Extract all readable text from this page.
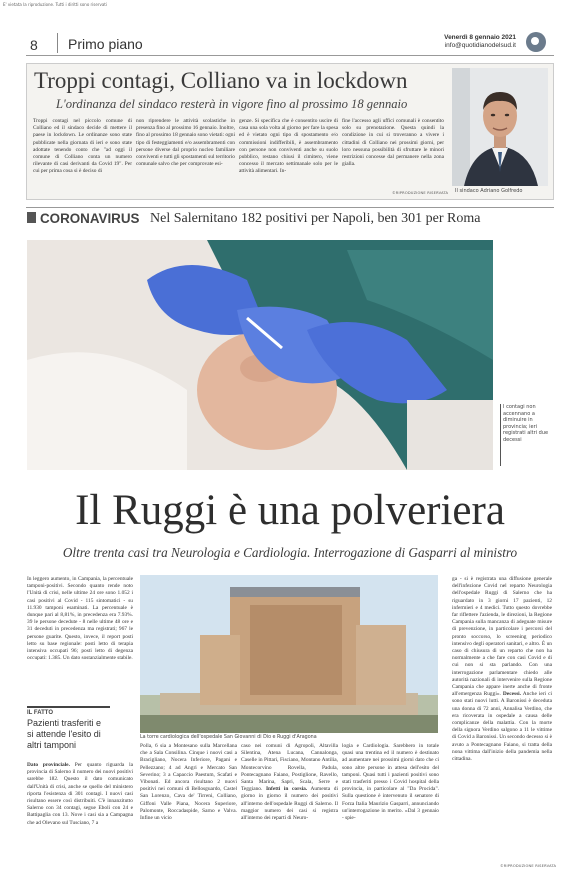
E' vietata la riproduzione. Tutti i diritti sono riservati
8 Primo piano	Venerdì 8 gennaio 2021
info@quotidianodelsud.it
Troppi contagi, Colliano va in lockdown
L'ordinanza del sindaco resterà in vigore fino al prossimo 18 gennaio
Troppi contagi nel piccolo comune di Colliano ed il sindaco decide di mettere il paese in lockdown. Le ordinanze sono state pubblicate nella giornata di ieri e sono state adottate tenendo conto che "ad oggi il comune di Colliano conta un numero rilevante di casi derivanti da Covid 19". Per cui per prima cosa si è deciso di
non riprendere le attività scolastiche in presenza fino al prossimo 16 gennaio. Inoltre, fino al prossimo 18 gennaio sono vietati: ogni tipo di festeggiamenti e/o assembramenti con persone diverse dal proprio nucleo familiare conviventi e tutti gli spostamenti sul territorio comunale salvo che per comprovate esi-
genze. Si specifica che è consentito uscire di casa una sola volta al giorno per fare la spesa ed è vietato ogni tipo di spostamento e/o commissioni indifferibili, è assembramento con persone non conviventi anche su suolo pubblico, restano chiusi il cimitero, viene concesso il mercato settimanale solo per le attività alimentari. In-
fine l'accesso agli uffici comunali è consentito solo su prenotazione. Questa quindi la condizione in cui si troveranno a vivere i cittadini di Colliano nei prossimi giorni, per loro nessuna possibilità di sfruttare le minori restrizioni concesse dal permanere nella zona gialla.
©RIPRODUZIONE RISERVATA Il sindaco Adriano Golfredo
CORONAVIRUS Nel Salernitano 182 positivi per Napoli, ben 301 per Roma
I contagi non accennano a diminuire in provincia; ieri registrati altri due decessi
Il Ruggi è una polveriera
Oltre trenta casi tra Neurologia e Cardiologia. Interrogazione di Gasparri al ministro
In leggero aumento, in Campania, la percentuale tamponi-positivi. Secondo quanto rende noto l'Unità di crisi, nelle ultime 24 ore sono 1.052 i casi positivi al Covid - 115 sintomatici - su 11.930 tamponi esaminati. La percentuale è dunque pari al 8,81%, in precedenza era 7.93%. 39 le persone decedute - 8 nelle ultime 48 ore e 31 deceduti in precedenza ma registrati; 967 le persone guarite. Questo, invece, il report posti letto su base regionale: posti letto di terapia intensiva occupati 96; posti letto di degenza occupati: 1.385. Un dato sostanzialmente stabile.
Dato provinciale. Per quanto riguarda la provincia di Salerno il numero dei nuovi positivi sarebbe 182. Questo il dato comunicato dall'Unità di crisi, anche se quello del ministero riporta l'esistenza di 301 contagi. I nuovi casi risultano essere così distribuiti. C'è innanzitutto Salerno con 34 contagi, segue Eboli con 24 e Battipaglia con 13. Nove i casi sia a Campagna che ad Olevano sul Tusciano, 7 a
IL FATTO
Pazienti trasferiti e si attende l'esito di altri tamponi
La torre cardiologica dell'ospedale San Giovanni di Dio e Ruggi d'Aragona
Polla, 6 sia a Montesano sulla Marcellana che a Sala Consilina. Cinque i nuovi casi a Bracigliano, Nocera Inferiore, Pagani e Pellezzano; 4 ad Angri e Mercato San Severino; 3 a Capaccio Paestum, Scafati e Vibonati. Ed ancora risultano 2 nuovi positivi nei comuni di Bellosguardo, Castel San Lorenzo, Cava de' Tirreni, Colliano, Giffoni Valle Piana, Nocera Superiore, Palomonte, Roccadaspide, Sarno e Valva. Infine un vicio
caso nei comuni di Agropoli, Altavilla Silentina, Atena Lucana, Cannalonga, Caselle in Pittari, Fisciano, Montano Antilia, Montecorvino Rovella, Padula, Pontecagnano Faiano, Postiglione, Ravello, Santa Marina, Sapri, Scala, Serre e Teggiano. Infetti in corsia. Aumenta di giorno in giorno il numero dei positivi all'interno dell'ospedale Ruggi di Salerno. Il maggior numero dei casi si registra all'interno dei reparti di Neuro-
logia e Cardiologia. Sarebbero in totale quasi una trentina ed il numero è destinato ad aumentare nei prossimi giorni dato che ci sono altre persone in attesa dell'esito del tamponi. Quasi tutti i pazienti positivi sono stati trasferiti presso i Covid hospital della provincia, in particolare al "Da Procida". Sulla questione è intervenuto il senatore di Forza Italia Maurizio Gasparri, annunciando un'interrogazione in merito. «Dal 3 gennaio - spie-
ga - si è registrata una diffusione generale dell'infezione Covid nel reparto Neurologia dell'ospedale Ruggi di Salerno che ha riguardato in 3 giorni 17 pazienti, 12 infermieri e 4 medici. Tutto questo dovrebbe far riflettere l'azienda, le direzioni, la Regione Campania sulla mancanza di adeguate misure di prevenzione, in particolare i percorsi del pronto soccorso, lo screening periodico intensivo degli operatori sanitari, e altro. È un caso di chiusura di un reparto che non ha normalmente a che fare con casi Covid e di cui non si sta parlando. Con una interrogazione parlamentare chiedo alle autorità nazionali di intervenire sulla Regione Campania che appare inerte anche di fronte all'emergenza Ruggi». Decessi. Anche ieri ci sono stati nuovi lutti. A Baronissi è deceduta una donna di 72 anni, Annalisa Verdino, che era ricoverata in ospedale a causa delle complicanze della malattia. Con la morte della signora Verdino salgono a 11 le vittime di Covid a Baronissi. Un secondo decesso si è avuto a Pontecagnano Faiano, si tratta della nona vittima dall'inizio della pandemia nella cittadina.
©RIPRODUZIONE RISERVATA
